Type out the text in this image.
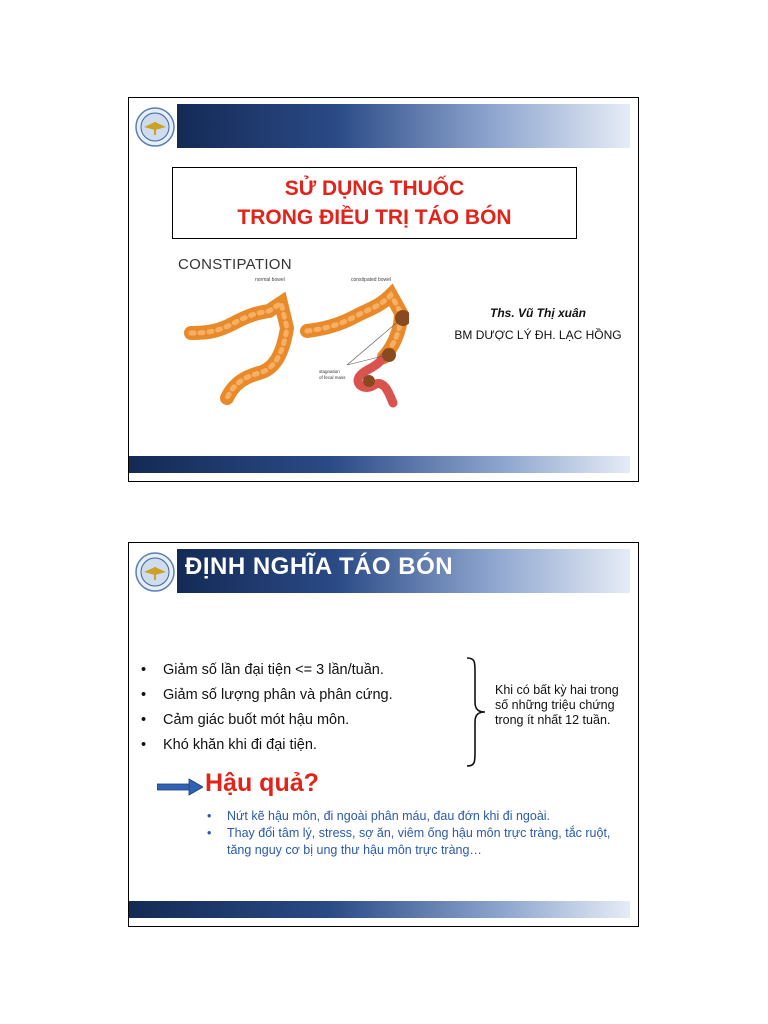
SỬ DỤNG THUỐC
TRONG ĐIỀU TRỊ TÁO BÓN
CONSTIPATION
normal bowel	constipated bowel
stagnation
of fecal mass
Ths. Vũ Thị xuân
BM DƯỢC LÝ ĐH. LẠC HỒNG
ĐỊNH NGHĨA TÁO BÓN
• Giảm số lần đại tiện <= 3 lần/tuần.
• Giảm số lượng phân và phân cứng.
• Cảm giác buốt mót hậu môn.
• Khó khăn khi đi đại tiện.
Khi có bất kỳ hai trong số những triệu chứng trong ít nhất 12 tuần.
Hậu quả?
• Nứt kẽ hậu môn, đi ngoài phân máu, đau đớn khi đi ngoài.
• Thay đổi tâm lý, stress, sợ ăn, viêm ống hậu môn trực tràng, tắc ruột, tăng nguy cơ bị ung thư hậu môn trực tràng…
